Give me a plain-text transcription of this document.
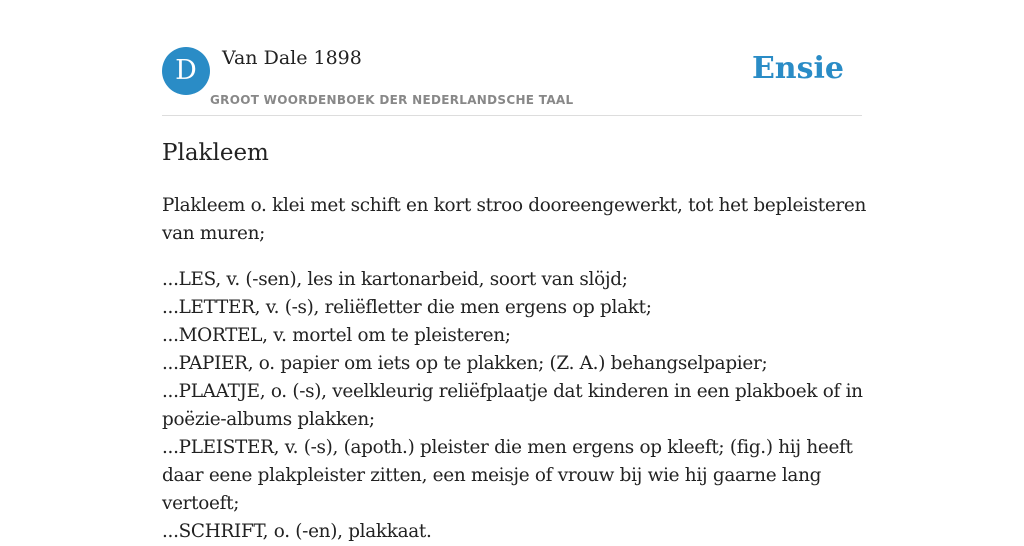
D	Van Dale 1898
GROOT WOORDENBOEK DER NEDERLANDSCHE TAAL
Ensie
Plakleem

Plakleem o. klei met schift en kort stroo dooreengewerkt, tot het bepleisteren van muren;

...LES, v. (-sen), les in kartonarbeid, soort van slöjd;
...LETTER, v. (-s), reliëfletter die men ergens op plakt;
...MORTEL, v. mortel om te pleisteren;
...PAPIER, o. papier om iets op te plakken; (Z. A.) behangselpapier;
...PLAATJE, o. (-s), veelkleurig reliëfplaatje dat kinderen in een plakboek of in poëzie-albums plakken;
...PLEISTER, v. (-s), (apoth.) pleister die men ergens op kleeft; (fig.) hij heeft daar eene plakpleister zitten, een meisje of vrouw bij wie hij gaarne lang vertoeft;
...SCHRIFT, o. (-en), plakkaat.
